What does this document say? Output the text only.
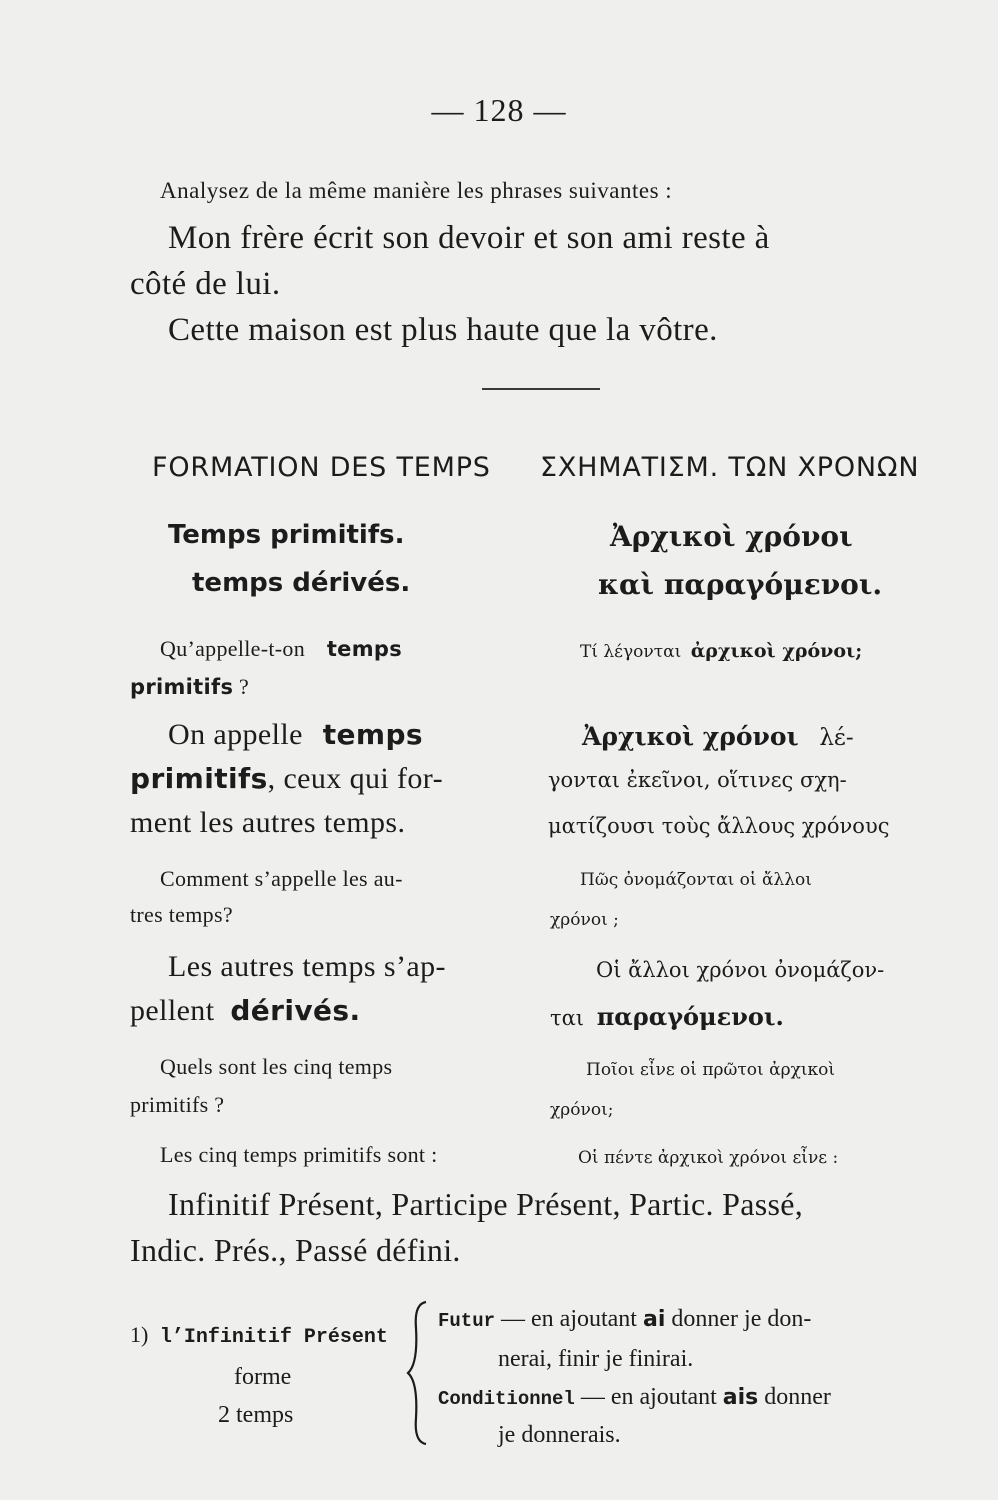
— 128 —
Analysez de la même manière les phrases suivantes :
Mon frère écrit son devoir et son ami reste à
côté de lui.
Cette maison est plus haute que la vôtre.
FORMATION DES TEMPS ΣΧΗΜΑΤΙΣΜ. ΤΩΝ ΧΡΟΝΩΝ
Temps primitifs.
temps dérivés.
Ἀρχικοὶ χρόνοι
καὶ παραγόμενοι.
Qu’appelle-t-on temps
primitifs ?
Τί λέγονται ἀρχικοὶ χρόνοι;
On appelle temps
primitifs, ceux qui for-
ment les autres temps.
Ἀρχικοὶ χρόνοι λέ-
γονται ἐκεῖνοι, οἵτινες σχη-
ματίζουσι τοὺς ἄλλους χρόνους
Comment s’appelle les au-
tres temps?
Πῶς ὀνομάζονται οἱ ἄλλοι
χρόνοι ;
Les autres temps s’ap-
pellent dérivés.
Οἱ ἄλλοι χρόνοι ὀνομάζον-
ται παραγόμενοι.
Quels sont les cinq temps
primitifs ?
Ποῖοι εἶνε οἱ πρῶτοι ἀρχικοὶ
χρόνοι;
Les cinq temps primitifs sont :	Οἱ πέντε ἀρχικοὶ χρόνοι εἶνε :
Infinitif Présent, Participe Présent, Partic. Passé,
Indic. Prés., Passé défini.
1) l’Infinitif Présent
forme
2 temps
Futur — en ajoutant ai donner je don-
nerai, finir je finirai.
Conditionnel — en ajoutant ais donner
je donnerais.
